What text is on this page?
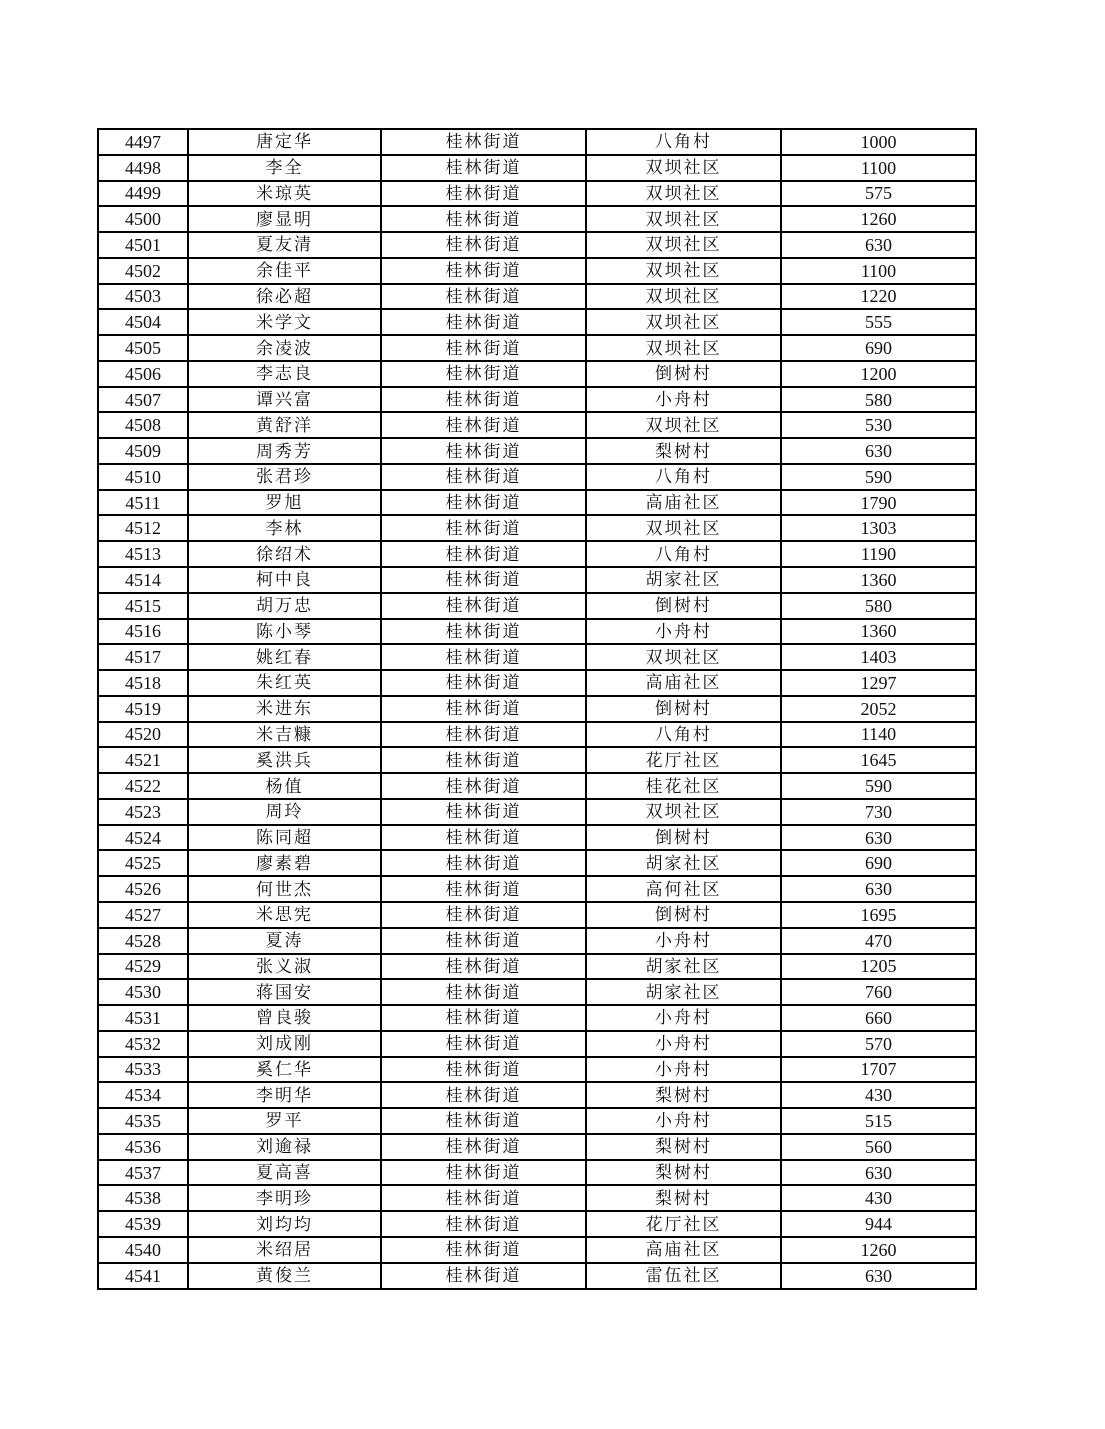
4497	唐定华	桂林街道	八角村	1000
4498	李全	桂林街道	双坝社区	1100
4499	米琼英	桂林街道	双坝社区	575
4500	廖显明	桂林街道	双坝社区	1260
4501	夏友清	桂林街道	双坝社区	630
4502	余佳平	桂林街道	双坝社区	1100
4503	徐必超	桂林街道	双坝社区	1220
4504	米学文	桂林街道	双坝社区	555
4505	余凌波	桂林街道	双坝社区	690
4506	李志良	桂林街道	倒树村	1200
4507	谭兴富	桂林街道	小舟村	580
4508	黄舒洋	桂林街道	双坝社区	530
4509	周秀芳	桂林街道	梨树村	630
4510	张君珍	桂林街道	八角村	590
4511	罗旭	桂林街道	高庙社区	1790
4512	李林	桂林街道	双坝社区	1303
4513	徐绍术	桂林街道	八角村	1190
4514	柯中良	桂林街道	胡家社区	1360
4515	胡万忠	桂林街道	倒树村	580
4516	陈小琴	桂林街道	小舟村	1360
4517	姚红春	桂林街道	双坝社区	1403
4518	朱红英	桂林街道	高庙社区	1297
4519	米进东	桂林街道	倒树村	2052
4520	米吉糠	桂林街道	八角村	1140
4521	奚洪兵	桂林街道	花厅社区	1645
4522	杨值	桂林街道	桂花社区	590
4523	周玲	桂林街道	双坝社区	730
4524	陈同超	桂林街道	倒树村	630
4525	廖素碧	桂林街道	胡家社区	690
4526	何世杰	桂林街道	高何社区	630
4527	米思宪	桂林街道	倒树村	1695
4528	夏涛	桂林街道	小舟村	470
4529	张义淑	桂林街道	胡家社区	1205
4530	蒋国安	桂林街道	胡家社区	760
4531	曾良骏	桂林街道	小舟村	660
4532	刘成刚	桂林街道	小舟村	570
4533	奚仁华	桂林街道	小舟村	1707
4534	李明华	桂林街道	梨树村	430
4535	罗平	桂林街道	小舟村	515
4536	刘逾禄	桂林街道	梨树村	560
4537	夏高喜	桂林街道	梨树村	630
4538	李明珍	桂林街道	梨树村	430
4539	刘均均	桂林街道	花厅社区	944
4540	米绍居	桂林街道	高庙社区	1260
4541	黄俊兰	桂林街道	雷伍社区	630
